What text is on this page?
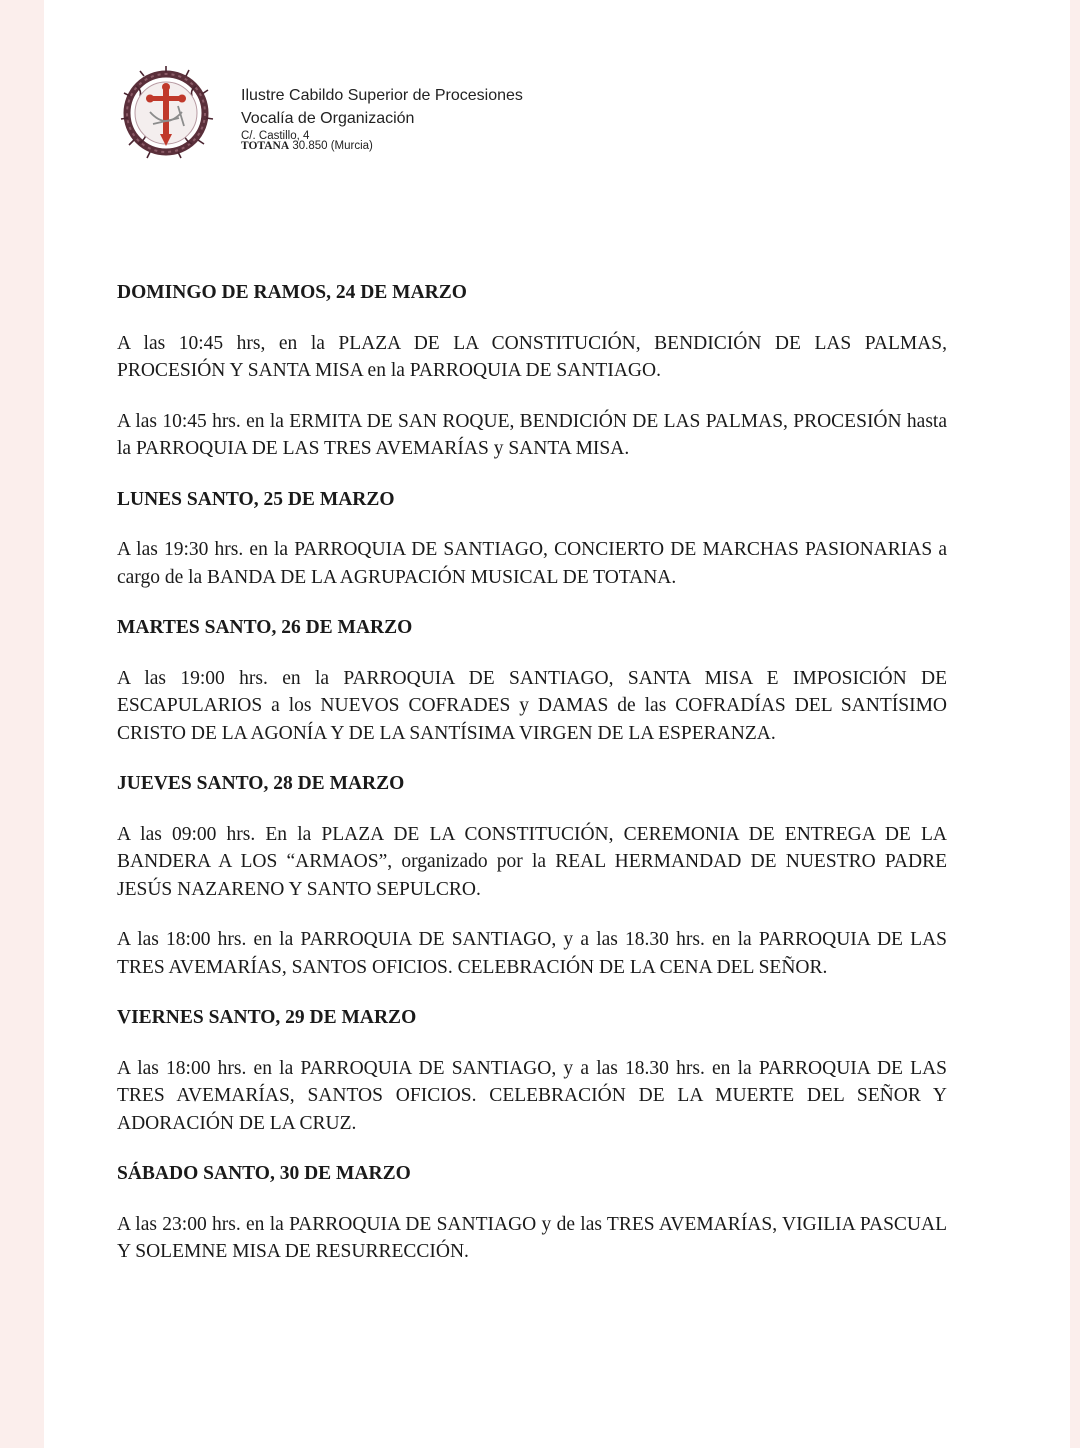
Ilustre Cabildo Superior de Procesiones
Vocalía de Organización
C/. Castillo, 4
TOTANA 30.850 (Murcia)
DOMINGO DE RAMOS, 24 DE MARZO

A las 10:45 hrs, en la PLAZA DE LA CONSTITUCIÓN, BENDICIÓN DE LAS PALMAS, PROCESIÓN Y SANTA MISA en la PARROQUIA DE SANTIAGO.

A las 10:45 hrs. en la ERMITA DE SAN ROQUE, BENDICIÓN DE LAS PALMAS, PROCESIÓN hasta la PARROQUIA DE LAS TRES AVEMARÍAS y SANTA MISA.

LUNES SANTO, 25 DE MARZO

A las 19:30 hrs. en la PARROQUIA DE SANTIAGO, CONCIERTO DE MARCHAS PASIONARIAS a cargo de la BANDA DE LA AGRUPACIÓN MUSICAL DE TOTANA.

MARTES SANTO, 26 DE MARZO

A las 19:00 hrs. en la PARROQUIA DE SANTIAGO, SANTA MISA E IMPOSICIÓN DE ESCAPULARIOS a los NUEVOS COFRADES y DAMAS de las COFRADÍAS DEL SANTÍSIMO CRISTO DE LA AGONÍA Y DE LA SANTÍSIMA VIRGEN DE LA ESPERANZA.

JUEVES SANTO, 28 DE MARZO

A las 09:00 hrs. En la PLAZA DE LA CONSTITUCIÓN, CEREMONIA DE ENTREGA DE LA BANDERA A LOS “ARMAOS”, organizado por la REAL HERMANDAD DE NUESTRO PADRE JESÚS NAZARENO Y SANTO SEPULCRO.

A las 18:00 hrs. en la PARROQUIA DE SANTIAGO, y a las 18.30 hrs. en la PARROQUIA DE LAS TRES AVEMARÍAS, SANTOS OFICIOS. CELEBRACIÓN DE LA CENA DEL SEÑOR.

VIERNES SANTO, 29 DE MARZO

A las 18:00 hrs. en la PARROQUIA DE SANTIAGO, y a las 18.30 hrs. en la PARROQUIA DE LAS TRES AVEMARÍAS, SANTOS OFICIOS. CELEBRACIÓN DE LA MUERTE DEL SEÑOR Y ADORACIÓN DE LA CRUZ.

SÁBADO SANTO, 30 DE MARZO

A las 23:00 hrs. en la PARROQUIA DE SANTIAGO y de las TRES AVEMARÍAS, VIGILIA PASCUAL Y SOLEMNE MISA DE RESURRECCIÓN.
